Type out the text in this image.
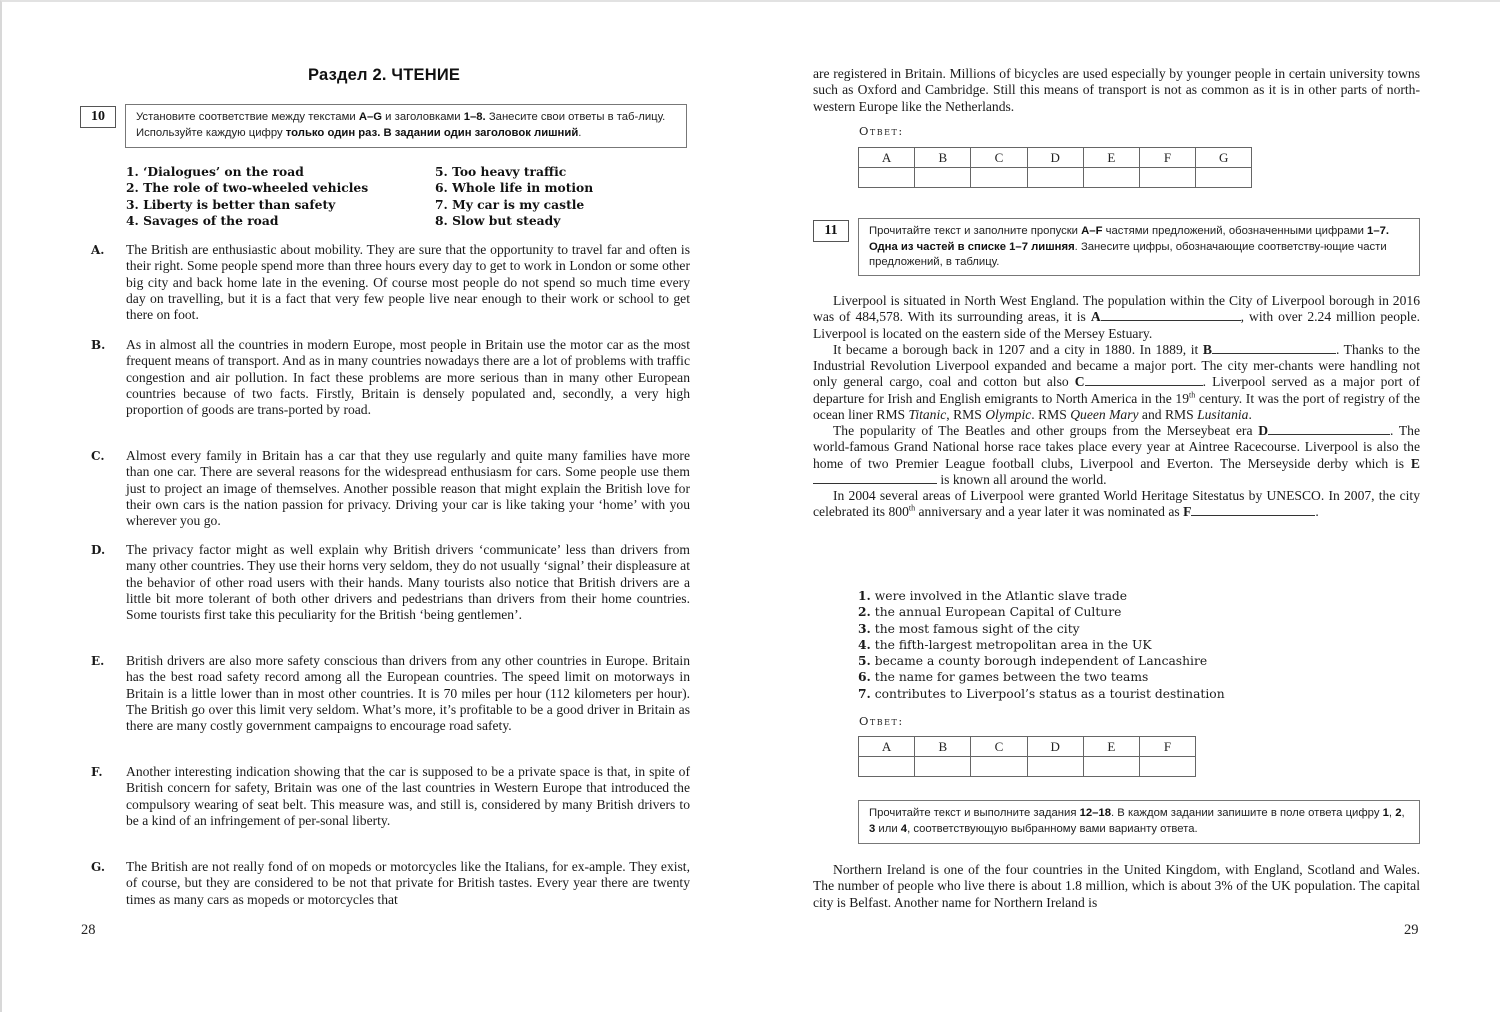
Раздел 2. ЧТЕНИЕ
10	Установите соответствие между текстами A–G и заголовками 1–8. Занесите свои ответы в таб-лицу. Используйте каждую цифру только один раз. В задании один заголовок лишний.
1. ‘Dialogues’ on the road
2. The role of two-wheeled vehicles
3. Liberty is better than safety
4. Savages of the road
5. Too heavy traffic
6. Whole life in motion
7. My car is my castle
8. Slow but steady
A. The British are enthusiastic about mobility. They are sure that the opportunity to travel far and often is their right. Some people spend more than three hours every day to get to work in London or some other big city and back home late in the evening. Of course most people do not spend so much time every day on travelling, but it is a fact that very few people live near enough to their work or school to get there on foot.
B. As in almost all the countries in modern Europe, most people in Britain use the motor car as the most frequent means of transport. And as in many countries nowadays there are a lot of problems with traffic congestion and air pollution. In fact these problems are more serious than in many other European countries because of two facts. Firstly, Britain is densely populated and, secondly, a very high proportion of goods are trans-ported by road.
C. Almost every family in Britain has a car that they use regularly and quite many families have more than one car. There are several reasons for the widespread enthusiasm for cars. Some people use them just to project an image of themselves. Another possible reason that might explain the British love for their own cars is the nation passion for privacy. Driving your car is like taking your ‘home’ with you wherever you go.
D. The privacy factor might as well explain why British drivers ‘communicate’ less than drivers from many other countries. They use their horns very seldom, they do not usually ‘signal’ their displeasure at the behavior of other road users with their hands. Many tourists also notice that British drivers are a little bit more tolerant of both other drivers and pedestrians than drivers from their home countries. Some tourists first take this peculiarity for the British ‘being gentlemen’.
E. British drivers are also more safety conscious than drivers from any other countries in Europe. Britain has the best road safety record among all the European countries. The speed limit on motorways in Britain is a little lower than in most other countries. It is 70 miles per hour (112 kilometers per hour). The British go over this limit very seldom. What’s more, it’s profitable to be a good driver in Britain as there are many costly government campaigns to encourage road safety.
F. Another interesting indication showing that the car is supposed to be a private space is that, in spite of British concern for safety, Britain was one of the last countries in Western Europe that introduced the compulsory wearing of seat belt. This measure was, and still is, considered by many British drivers to be a kind of an infringement of per-sonal liberty.
G. The British are not really fond of on mopeds or motorcycles like the Italians, for ex-ample. They exist, of course, but they are considered to be not that private for British tastes. Every year there are twenty times as many cars as mopeds or motorcycles that
28
are registered in Britain. Millions of bicycles are used especially by younger people in certain university towns such as Oxford and Cambridge. Still this means of transport is not as common as it is in other parts of north-western Europe like the Netherlands.
Ответ:
A	B	C	D	E	F	G

11	Прочитайте текст и заполните пропуски A–F частями предложений, обозначенными цифрами 1–7. Одна из частей в списке 1–7 лишняя. Занесите цифры, обозначающие соответству-ющие части предложений, в таблицу.

Liverpool is situated in North West England. The population within the City of Liverpool borough in 2016 was of 484,578. With its surrounding areas, it is A	, with over 2.24 million people. Liverpool is located on the eastern side of the Mersey Estuary.

It became a borough back in 1207 and a city in 1880. In 1889, it B	. Thanks to the Industrial Revolution Liverpool expanded and became a major port. The city mer-chants were handling not only general cargo, coal and cotton but also C	. Liverpool served as a major port of departure for Irish and English emigrants to North America in the 19th century. It was the port of registry of the ocean liner RMS Titanic, RMS Olympic. RMS Queen Mary and RMS Lusitania.

The popularity of The Beatles and other groups from the Merseybeat era D	. The world-famous Grand National horse race takes place every year at Aintree Racecourse. Liverpool is also the home of two Premier League football clubs, Liverpool and Everton. The Merseyside derby which is E is known all around the world.

In 2004 several areas of Liverpool were granted World Heritage Sitestatus by UNESCO. In 2007, the city celebrated its 800th anniversary and a year later it was nominated as F	.

1. were involved in the Atlantic slave trade
2. the annual European Capital of Culture
3. the most famous sight of the city
4. the fifth-largest metropolitan area in the UK
5. became a county borough independent of Lancashire
6. the name for games between the two teams
7. contributes to Liverpool’s status as a tourist destination
Ответ:
A	B	C	D	E	F

Прочитайте текст и выполните задания 12–18. В каждом задании запишите в поле ответа цифру 1, 2, 3 или 4, соответствующую выбранному вами варианту ответа.

Northern Ireland is one of the four countries in the United Kingdom, with England, Scotland and Wales. The number of people who live there is about 1.8 million, which is about 3% of the UK population. The capital city is Belfast. Another name for Northern Ireland is

29
